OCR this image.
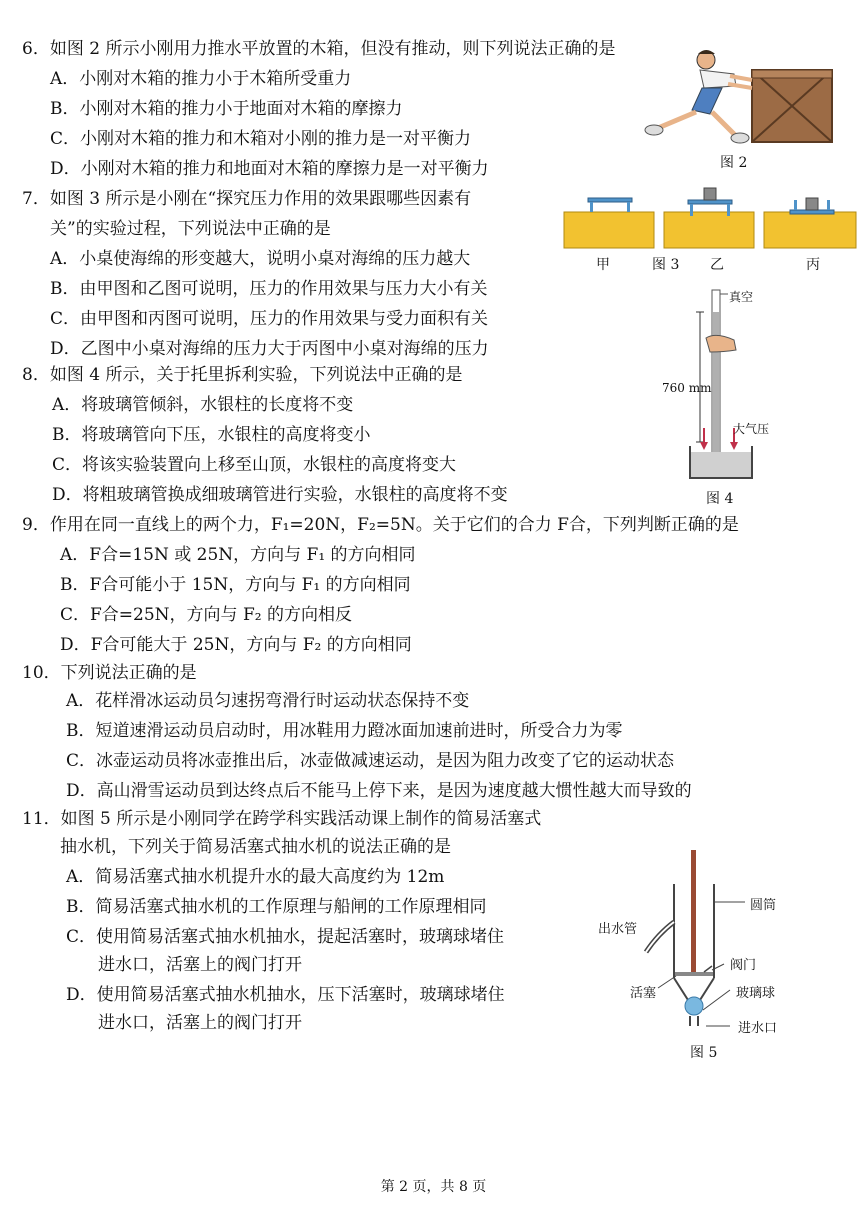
6．如图 2 所示小刚用力推水平放置的木箱，但没有推动，则下列说法正确的是
A．小刚对木箱的推力小于木箱所受重力
B．小刚对木箱的推力小于地面对木箱的摩擦力
C．小刚对木箱的推力和木箱对小刚的推力是一对平衡力
D．小刚对木箱的推力和地面对木箱的摩擦力是一对平衡力	图 2
7．如图 3 所示是小刚在“探究压力作用的效果跟哪些因素有
关”的实验过程，下列说法中正确的是
A．小桌使海绵的形变越大，说明小桌对海绵的压力越大
B．由甲图和乙图可说明，压力的作用效果与压力大小有关
C．由甲图和丙图可说明，压力的作用效果与受力面积有关
D．乙图中小桌对海绵的压力大于丙图中小桌对海绵的压力
甲	图 3 乙	丙
8．如图 4 所示，关于托里拆利实验，下列说法中正确的是
A．将玻璃管倾斜，水银柱的长度将不变
B．将玻璃管向下压，水银柱的高度将变小
C．将该实验装置向上移至山顶，水银柱的高度将变大
D．将粗玻璃管换成细玻璃管进行实验，水银柱的高度将不变
真空
760 mm
大气压
图 4
9．作用在同一直线上的两个力，F₁=20N，F₂=5N。关于它们的合力 F合，下列判断正确的是
A．F合=15N 或 25N，方向与 F₁ 的方向相同
B．F合可能小于 15N，方向与 F₁ 的方向相同
C．F合=25N，方向与 F₂ 的方向相反
D．F合可能大于 25N，方向与 F₂ 的方向相同
10．下列说法正确的是
A．花样滑冰运动员匀速拐弯滑行时运动状态保持不变
B．短道速滑运动员启动时，用冰鞋用力蹬冰面加速前进时，所受合力为零
C．冰壶运动员将冰壶推出后，冰壶做减速运动，是因为阻力改变了它的运动状态
D．高山滑雪运动员到达终点后不能马上停下来，是因为速度越大惯性越大而导致的
11．如图 5 所示是小刚同学在跨学科实践活动课上制作的简易活塞式
抽水机，下列关于简易活塞式抽水机的说法正确的是
A．简易活塞式抽水机提升水的最大高度约为 12m
B．简易活塞式抽水机的工作原理与船闸的工作原理相同
C．使用简易活塞式抽水机抽水，提起活塞时，玻璃球堵住
进水口，活塞上的阀门打开
D．使用简易活塞式抽水机抽水，压下活塞时，玻璃球堵住
进水口，活塞上的阀门打开
出水管
圆筒
阀门
活塞	玻璃球
进水口
图 5
第 2 页，共 8 页
